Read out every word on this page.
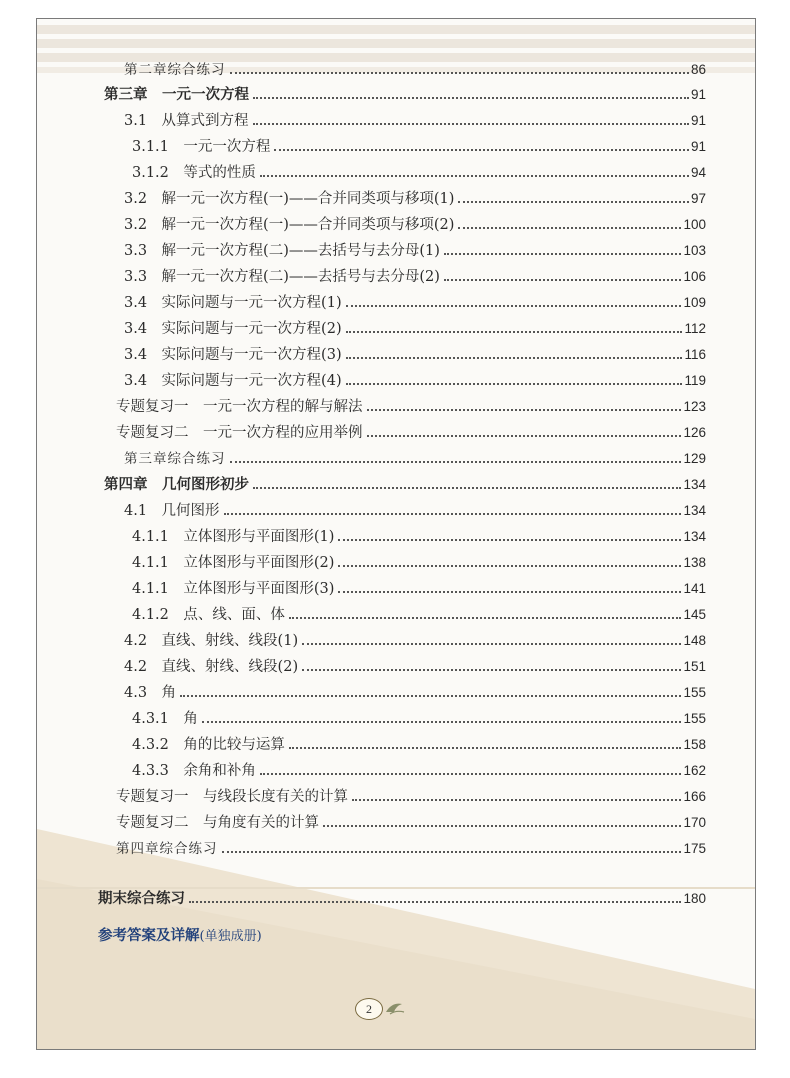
第二章综合练习	86
第三章　一元一次方程	91
3.1　从算式到方程	91
3.1.1　一元一次方程	91
3.1.2　等式的性质	94
3.2　解一元一次方程(一)——合并同类项与移项(1)	97
3.2　解一元一次方程(一)——合并同类项与移项(2)	100
3.3　解一元一次方程(二)——去括号与去分母(1)	103
3.3　解一元一次方程(二)——去括号与去分母(2)	106
3.4　实际问题与一元一次方程(1)	109
3.4　实际问题与一元一次方程(2)	112
3.4　实际问题与一元一次方程(3)	116
3.4　实际问题与一元一次方程(4)	119
专题复习一　一元一次方程的解与解法	123
专题复习二　一元一次方程的应用举例	126
第三章综合练习	129
第四章　几何图形初步	134
4.1　几何图形	134
4.1.1　立体图形与平面图形(1)	134
4.1.1　立体图形与平面图形(2)	138
4.1.1　立体图形与平面图形(3)	141
4.1.2　点、线、面、体	145
4.2　直线、射线、线段(1)	148
4.2　直线、射线、线段(2)	151
4.3　角	155
4.3.1　角	155
4.3.2　角的比较与运算	158
4.3.3　余角和补角	162
专题复习一　与线段长度有关的计算	166
专题复习二　与角度有关的计算	170
第四章综合练习	175
期末综合练习	180
参考答案及详解(单独成册)
2
